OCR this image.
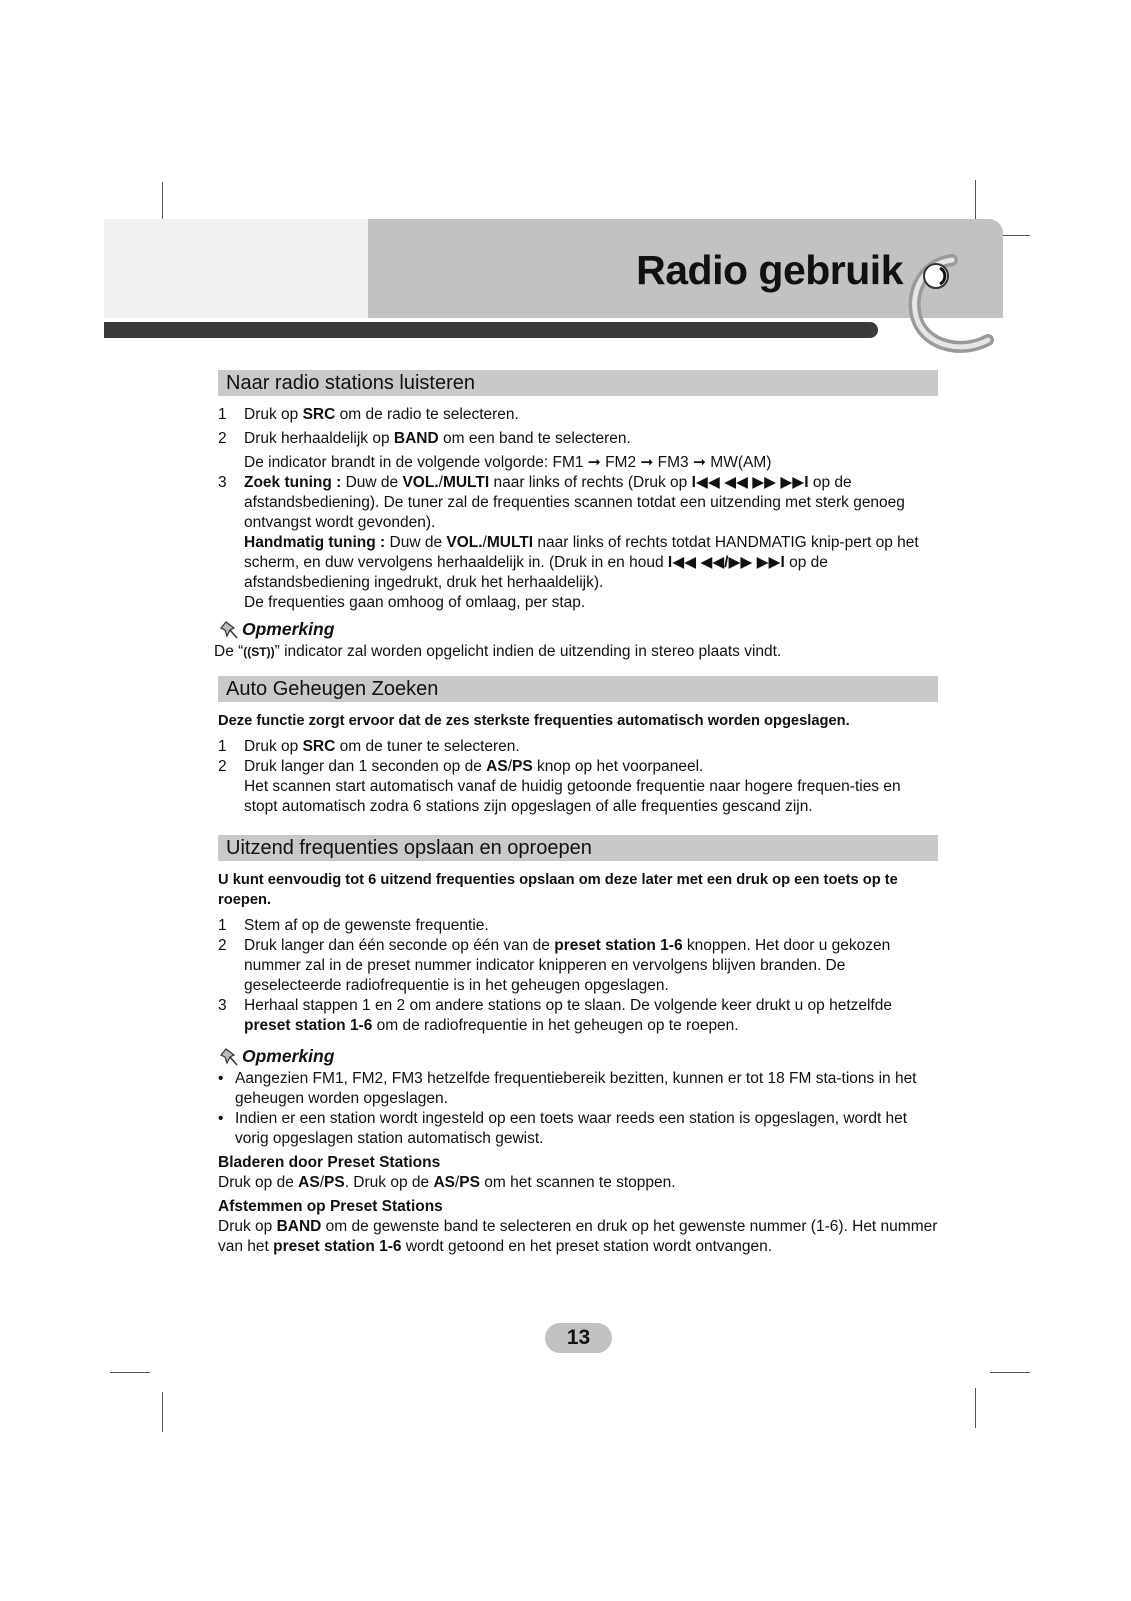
Radio gebruik
Naar radio stations luisteren
1	Druk op SRC om de radio te selecteren.
2	Druk herhaaldelijk op BAND om een band te selecteren.
De indicator brandt in de volgende volgorde: FM1 ➞ FM2 ➞ FM3 ➞ MW(AM)
3	Zoek tuning : Duw de VOL./MULTI naar links of rechts (Druk op I◀◀ ◀◀ ▶▶ ▶▶I op de afstandsbediening). De tuner zal de frequenties scannen totdat een uitzending met sterk genoeg ontvangst wordt gevonden).
Handmatig tuning : Duw de VOL./MULTI naar links of rechts totdat HANDMATIG knip-pert op het scherm, en duw vervolgens herhaaldelijk in. (Druk in en houd I◀◀ ◀◀/▶▶ ▶▶I op de afstandsbediening ingedrukt, druk het herhaaldelijk).
De frequenties gaan omhoog of omlaag, per stap.
Opmerking
De “((ST))” indicator zal worden opgelicht indien de uitzending in stereo plaats vindt.
Auto Geheugen Zoeken
Deze functie zorgt ervoor dat de zes sterkste frequenties automatisch worden opgeslagen.
1	Druk op SRC om de tuner te selecteren.
2	Druk langer dan 1 seconden op de AS/PS knop op het voorpaneel.
Het scannen start automatisch vanaf de huidig getoonde frequentie naar hogere frequen-ties en stopt automatisch zodra 6 stations zijn opgeslagen of alle frequenties gescand zijn.
Uitzend frequenties opslaan en oproepen
U kunt eenvoudig tot 6 uitzend frequenties opslaan om deze later met een druk op een toets op te roepen.
1	Stem af op de gewenste frequentie.
2	Druk langer dan één seconde op één van de preset station 1-6 knoppen. Het door u gekozen nummer zal in de preset nummer indicator knipperen en vervolgens blijven branden. De geselecteerde radiofrequentie is in het geheugen opgeslagen.
3	Herhaal stappen 1 en 2 om andere stations op te slaan. De volgende keer drukt u op hetzelfde preset station 1-6 om de radiofrequentie in het geheugen op te roepen.
Opmerking
• Aangezien FM1, FM2, FM3 hetzelfde frequentiebereik bezitten, kunnen er tot 18 FM sta-tions in het geheugen worden opgeslagen.
• Indien er een station wordt ingesteld op een toets waar reeds een station is opgeslagen, wordt het vorig opgeslagen station automatisch gewist.
Bladeren door Preset Stations
Druk op de AS/PS. Druk op de AS/PS om het scannen te stoppen.
Afstemmen op Preset Stations
Druk op BAND om de gewenste band te selecteren en druk op het gewenste nummer (1-6). Het nummer van het preset station 1-6 wordt getoond en het preset station wordt ontvangen.
13
